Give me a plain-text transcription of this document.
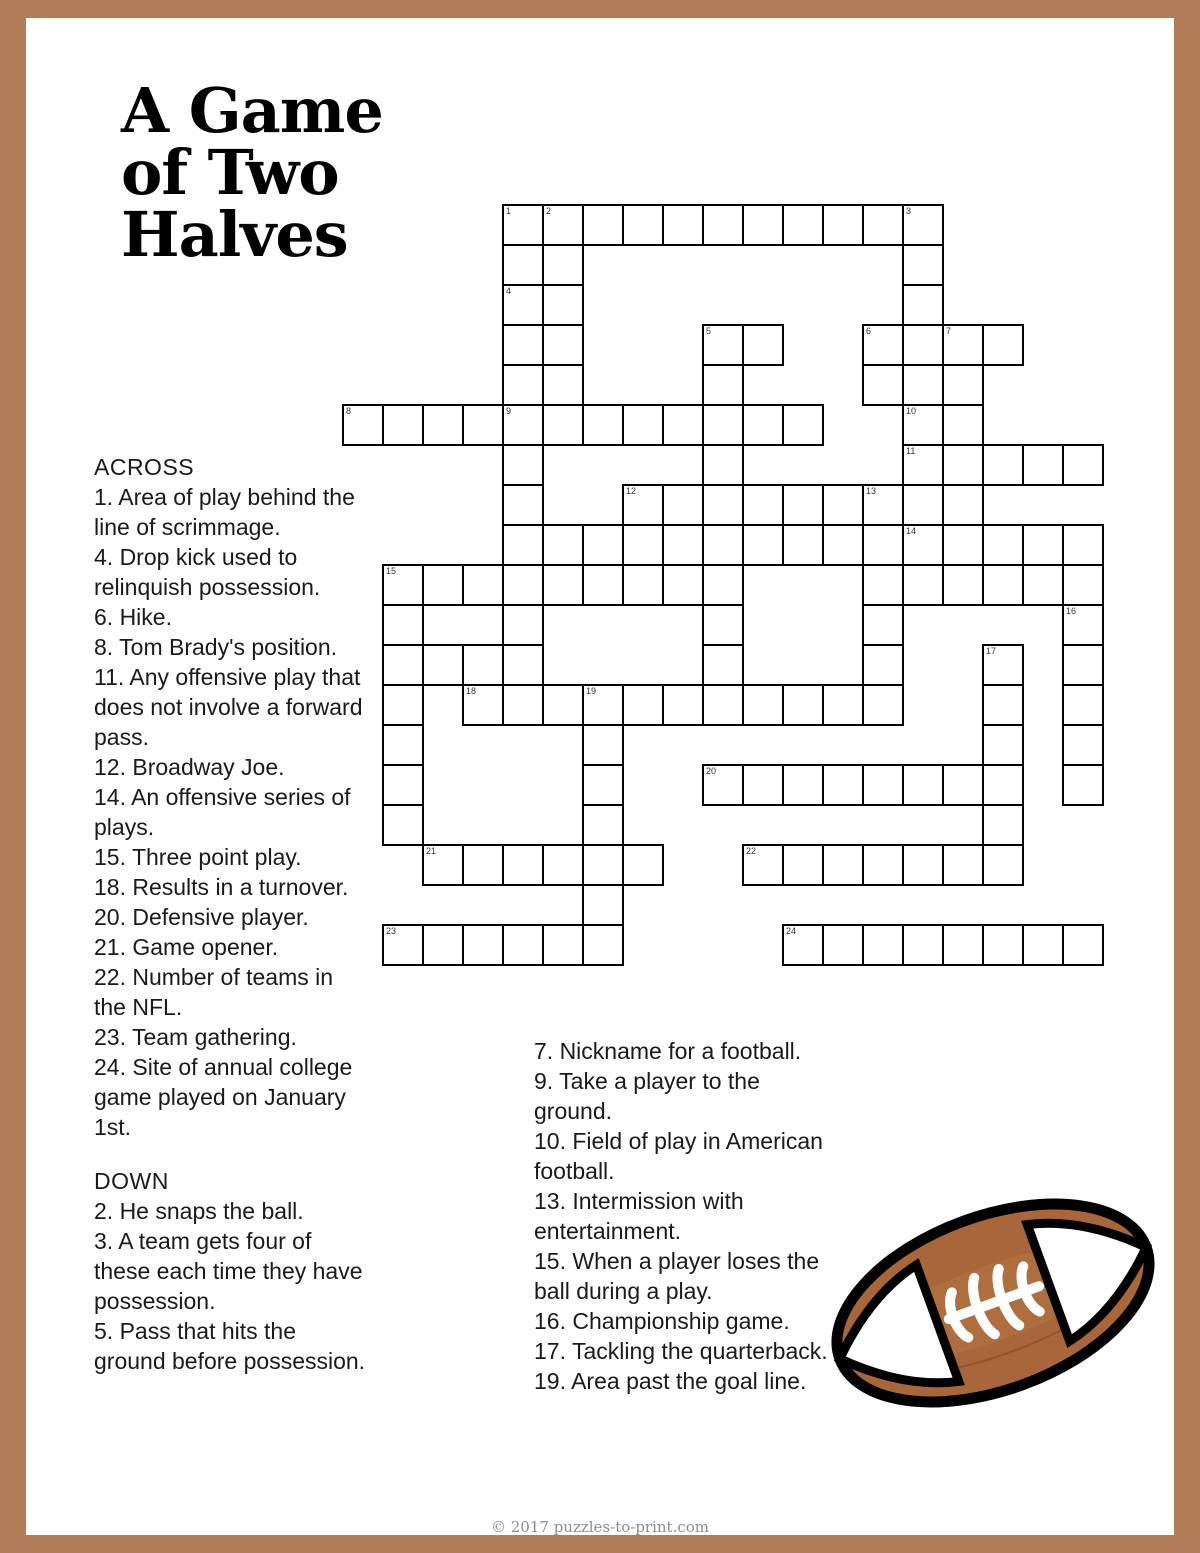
A Game
of Two
Halves	1	2	3
4
5	6	7
8	9	10
11
12	13
14
15
16
17
18	19
20
21	22
23	24
ACROSS
1. Area of play behind the line of scrimmage.
4. Drop kick used to relinquish possession.
6. Hike.
8. Tom Brady's position.
11. Any offensive play that does not involve a forward pass.
12. Broadway Joe.
14. An offensive series of plays.
15. Three point play.
18. Results in a turnover.
20. Defensive player.
21. Game opener.
22. Number of teams in the NFL.
23. Team gathering.
24. Site of annual college game played on January 1st.
DOWN
2. He snaps the ball.
3. A team gets four of these each time they have possession.
5. Pass that hits the ground before possession.
7. Nickname for a football.
9. Take a player to the ground.
10. Field of play in American football.
13. Intermission with entertainment.
15. When a player loses the ball during a play.
16. Championship game.
17. Tackling the quarterback.
19. Area past the goal line.
© 2017 puzzles-to-print.com
